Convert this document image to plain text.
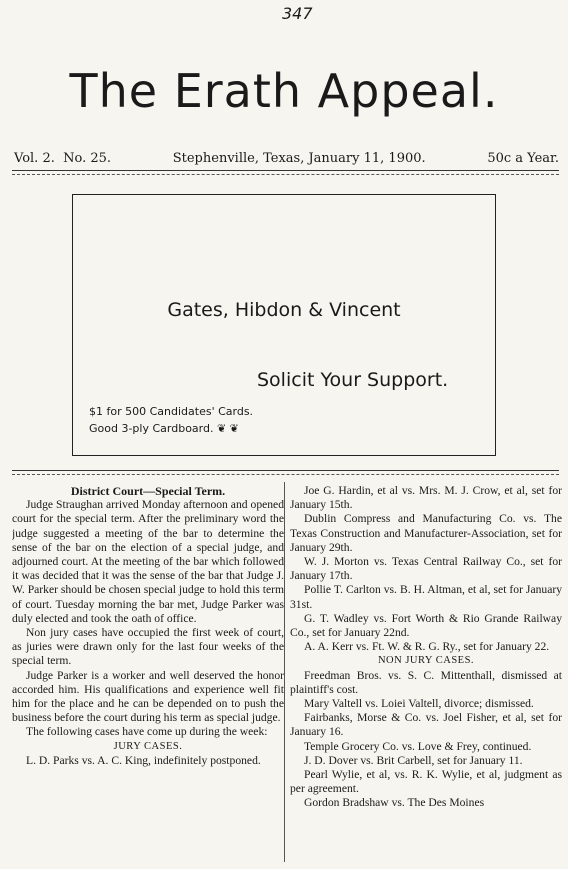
347
The Erath Appeal.
Vol. 2. No. 25.	Stephenville, Texas, January 11, 1900.	50c a Year.
Gates, Hibdon & Vincent
Solicit Your Support.
$1 for 500 Candidates' Cards.
Good 3-ply Cardboard. ❦ ❦
District Court—Special Term.

Judge Straughan arrived Monday afternoon and opened court for the special term. After the preliminary word the judge suggested a meeting of the bar to determine the sense of the bar on the election of a special judge, and adjourned court. At the meeting of the bar which followed it was decided that it was the sense of the bar that Judge J. W. Parker should be chosen special judge to hold this term of court. Tuesday morning the bar met, Judge Parker was duly elected and took the oath of office.

Non jury cases have occupied the first week of court, as juries were drawn only for the last four weeks of the special term.

Judge Parker is a worker and well deserved the honor accorded him. His qualifications and experience well fit him for the place and he can be depended on to push the business before the court during his term as special judge.

The following cases have come up during the week:

JURY CASES.

L. D. Parks vs. A. C. King, indefinitely postponed.

Joe G. Hardin, et al vs. Mrs. M. J. Crow, et al, set for January 15th.

Dublin Compress and Manufacturing Co. vs. The Texas Construction and Manufacturer-Association, set for January 29th.

W. J. Morton vs. Texas Central Railway Co., set for January 17th.

Pollie T. Carlton vs. B. H. Altman, et al, set for January 31st.

G. T. Wadley vs. Fort Worth & Rio Grande Railway Co., set for January 22nd.

A. A. Kerr vs. Ft. W. & R. G. Ry., set for January 22.

NON JURY CASES.

Freedman Bros. vs. S. C. Mittenthall, dismissed at plaintiff's cost.

Mary Valtell vs. Loiei Valtell, divorce; dismissed.

Fairbanks, Morse & Co. vs. Joel Fisher, et al, set for January 16.

Temple Grocery Co. vs. Love & Frey, continued.

J. D. Dover vs. Brit Carbell, set for January 11.

Pearl Wylie, et al, vs. R. K. Wylie, et al, judgment as per agreement.

Gordon Bradshaw vs. The Des Moines
